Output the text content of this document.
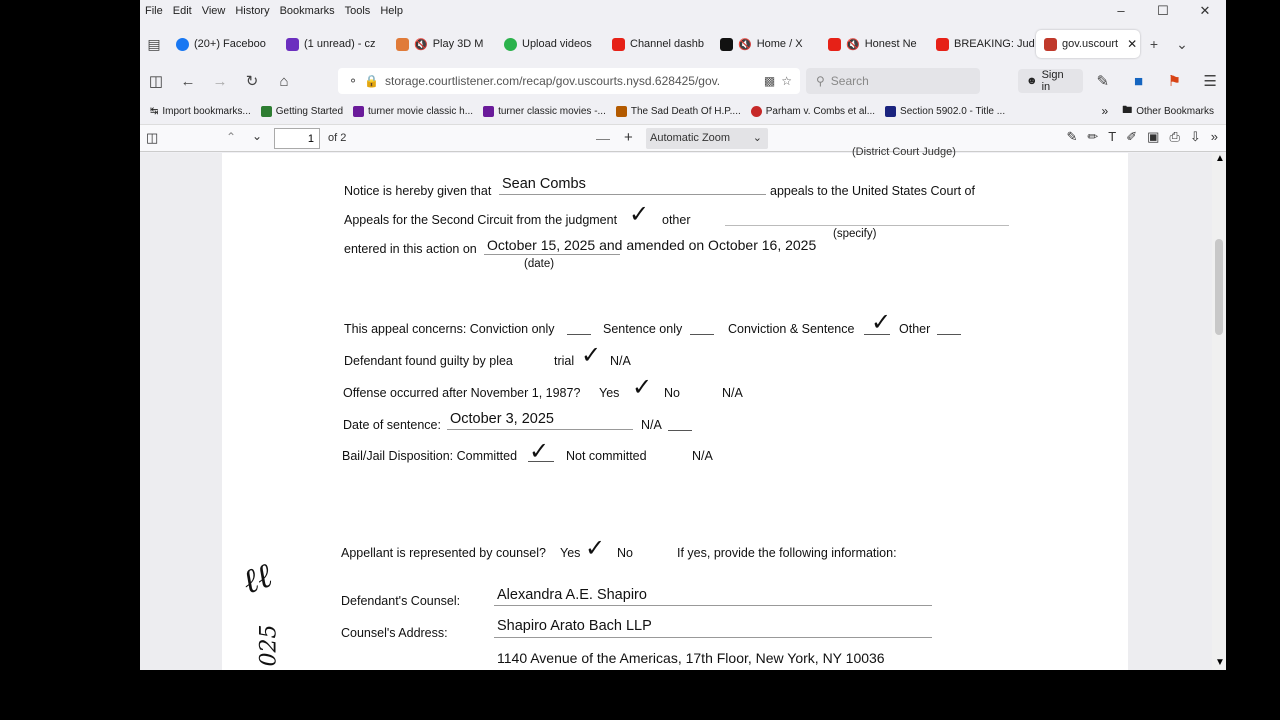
File Edit View History Bookmarks Tools Help	–	☐	✕
▤	(20+) Faceboo	(1 unread) - cz	🔇 Play 3D M	Upload videos	Channel dashb	🔇 Home / X	🔇 Honest Ne	BREAKING: Jud gov.uscourt ✕ +	⌄
◫	←	→	↻	⌂	⚬ 🔒 storage.courtlistener.com/recap/gov.uscourts.nysd.628425/gov.	▩ ☆ ⚲ Search	☻ Sign in	✎	■	⚑	☰
↹ Import bookmarks...	Getting Started	turner movie classic h...	turner classic movies -...	The Sad Death Of H.P....	Parham v. Combs et al...	Section 5902.0 - Title ...	» 🖿 Other Bookmarks
◫	⌃ ⌄
1	of 2	— +	Automatic Zoom ⌄	✎ ✏ T ✐ ▣ ⎙ ⇩ »
(District Court Judge)
Notice is hereby given that Sean Combs	appeals to the United States Court of
Appeals for the Second Circuit from the judgment ✓ other
(specify)
entered in this action on October 15, 2025 and amended on October 16, 2025
(date)
This appeal concerns: Conviction only	Sentence only	Conviction & Sentence ✓ Other
Defendant found guilty by plea	trial ✓ N/A
Offense occurred after November 1, 1987? Yes ✓ No	N/A
Date of sentence: October 3, 2025	N/A
Bail/Jail Disposition: Committed ✓ Not committed	N/A
Appellant is represented by counsel? Yes ✓ No	If yes, provide the following information:
ℓℓ
025
Defendant's Counsel:	Alexandra A.E. Shapiro
Counsel's Address:	Shapiro Arato Bach LLP
1140 Avenue of the Americas, 17th Floor, New York, NY 10036
▲
▼
